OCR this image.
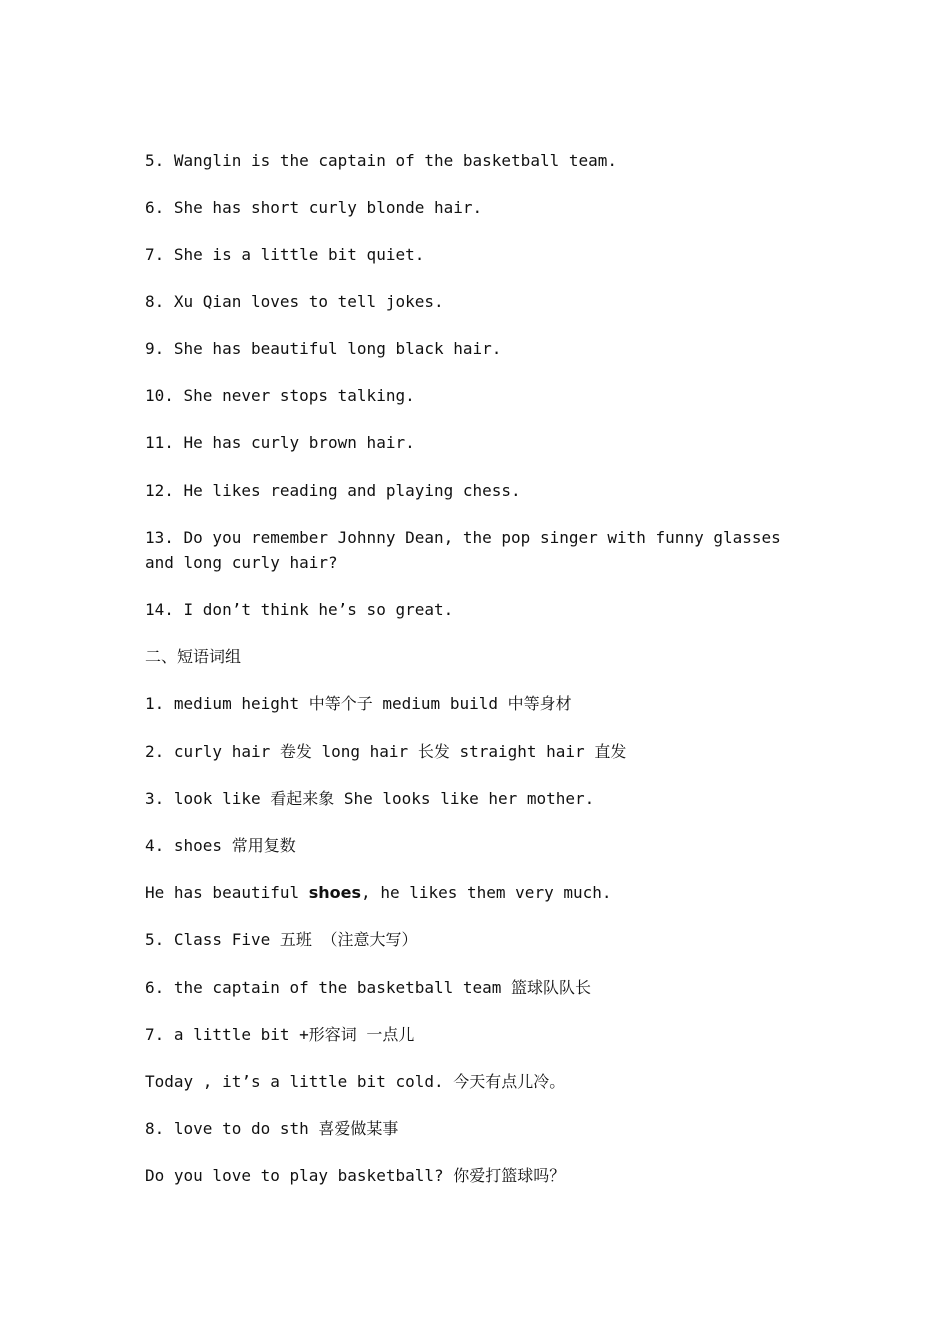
5. Wanglin is the captain of the basketball team.

6. She has short curly blonde hair.

7. She is a little bit quiet.

8. Xu Qian loves to tell jokes.

9. She has beautiful long black hair.

10. She never stops talking.

11. He has curly brown hair.

12. He likes reading and playing chess.

13. Do you remember Johnny Dean, the pop singer with funny glasses and long curly hair?

14. I don’t think he’s so great.

二、短语词组

1. medium height 中等个子 medium build 中等身材

2. curly hair 卷发 long hair 长发 straight hair 直发

3. look like 看起来象 She looks like her mother.

4. shoes 常用复数

He has beautiful shoes, he likes them very much.

5. Class Five 五班 （注意大写）

6. the captain of the basketball team 篮球队队长

7. a little bit +形容词 一点儿

Today , it’s a little bit cold. 今天有点儿冷。

8. love to do sth 喜爱做某事

Do you love to play basketball? 你爱打篮球吗？
